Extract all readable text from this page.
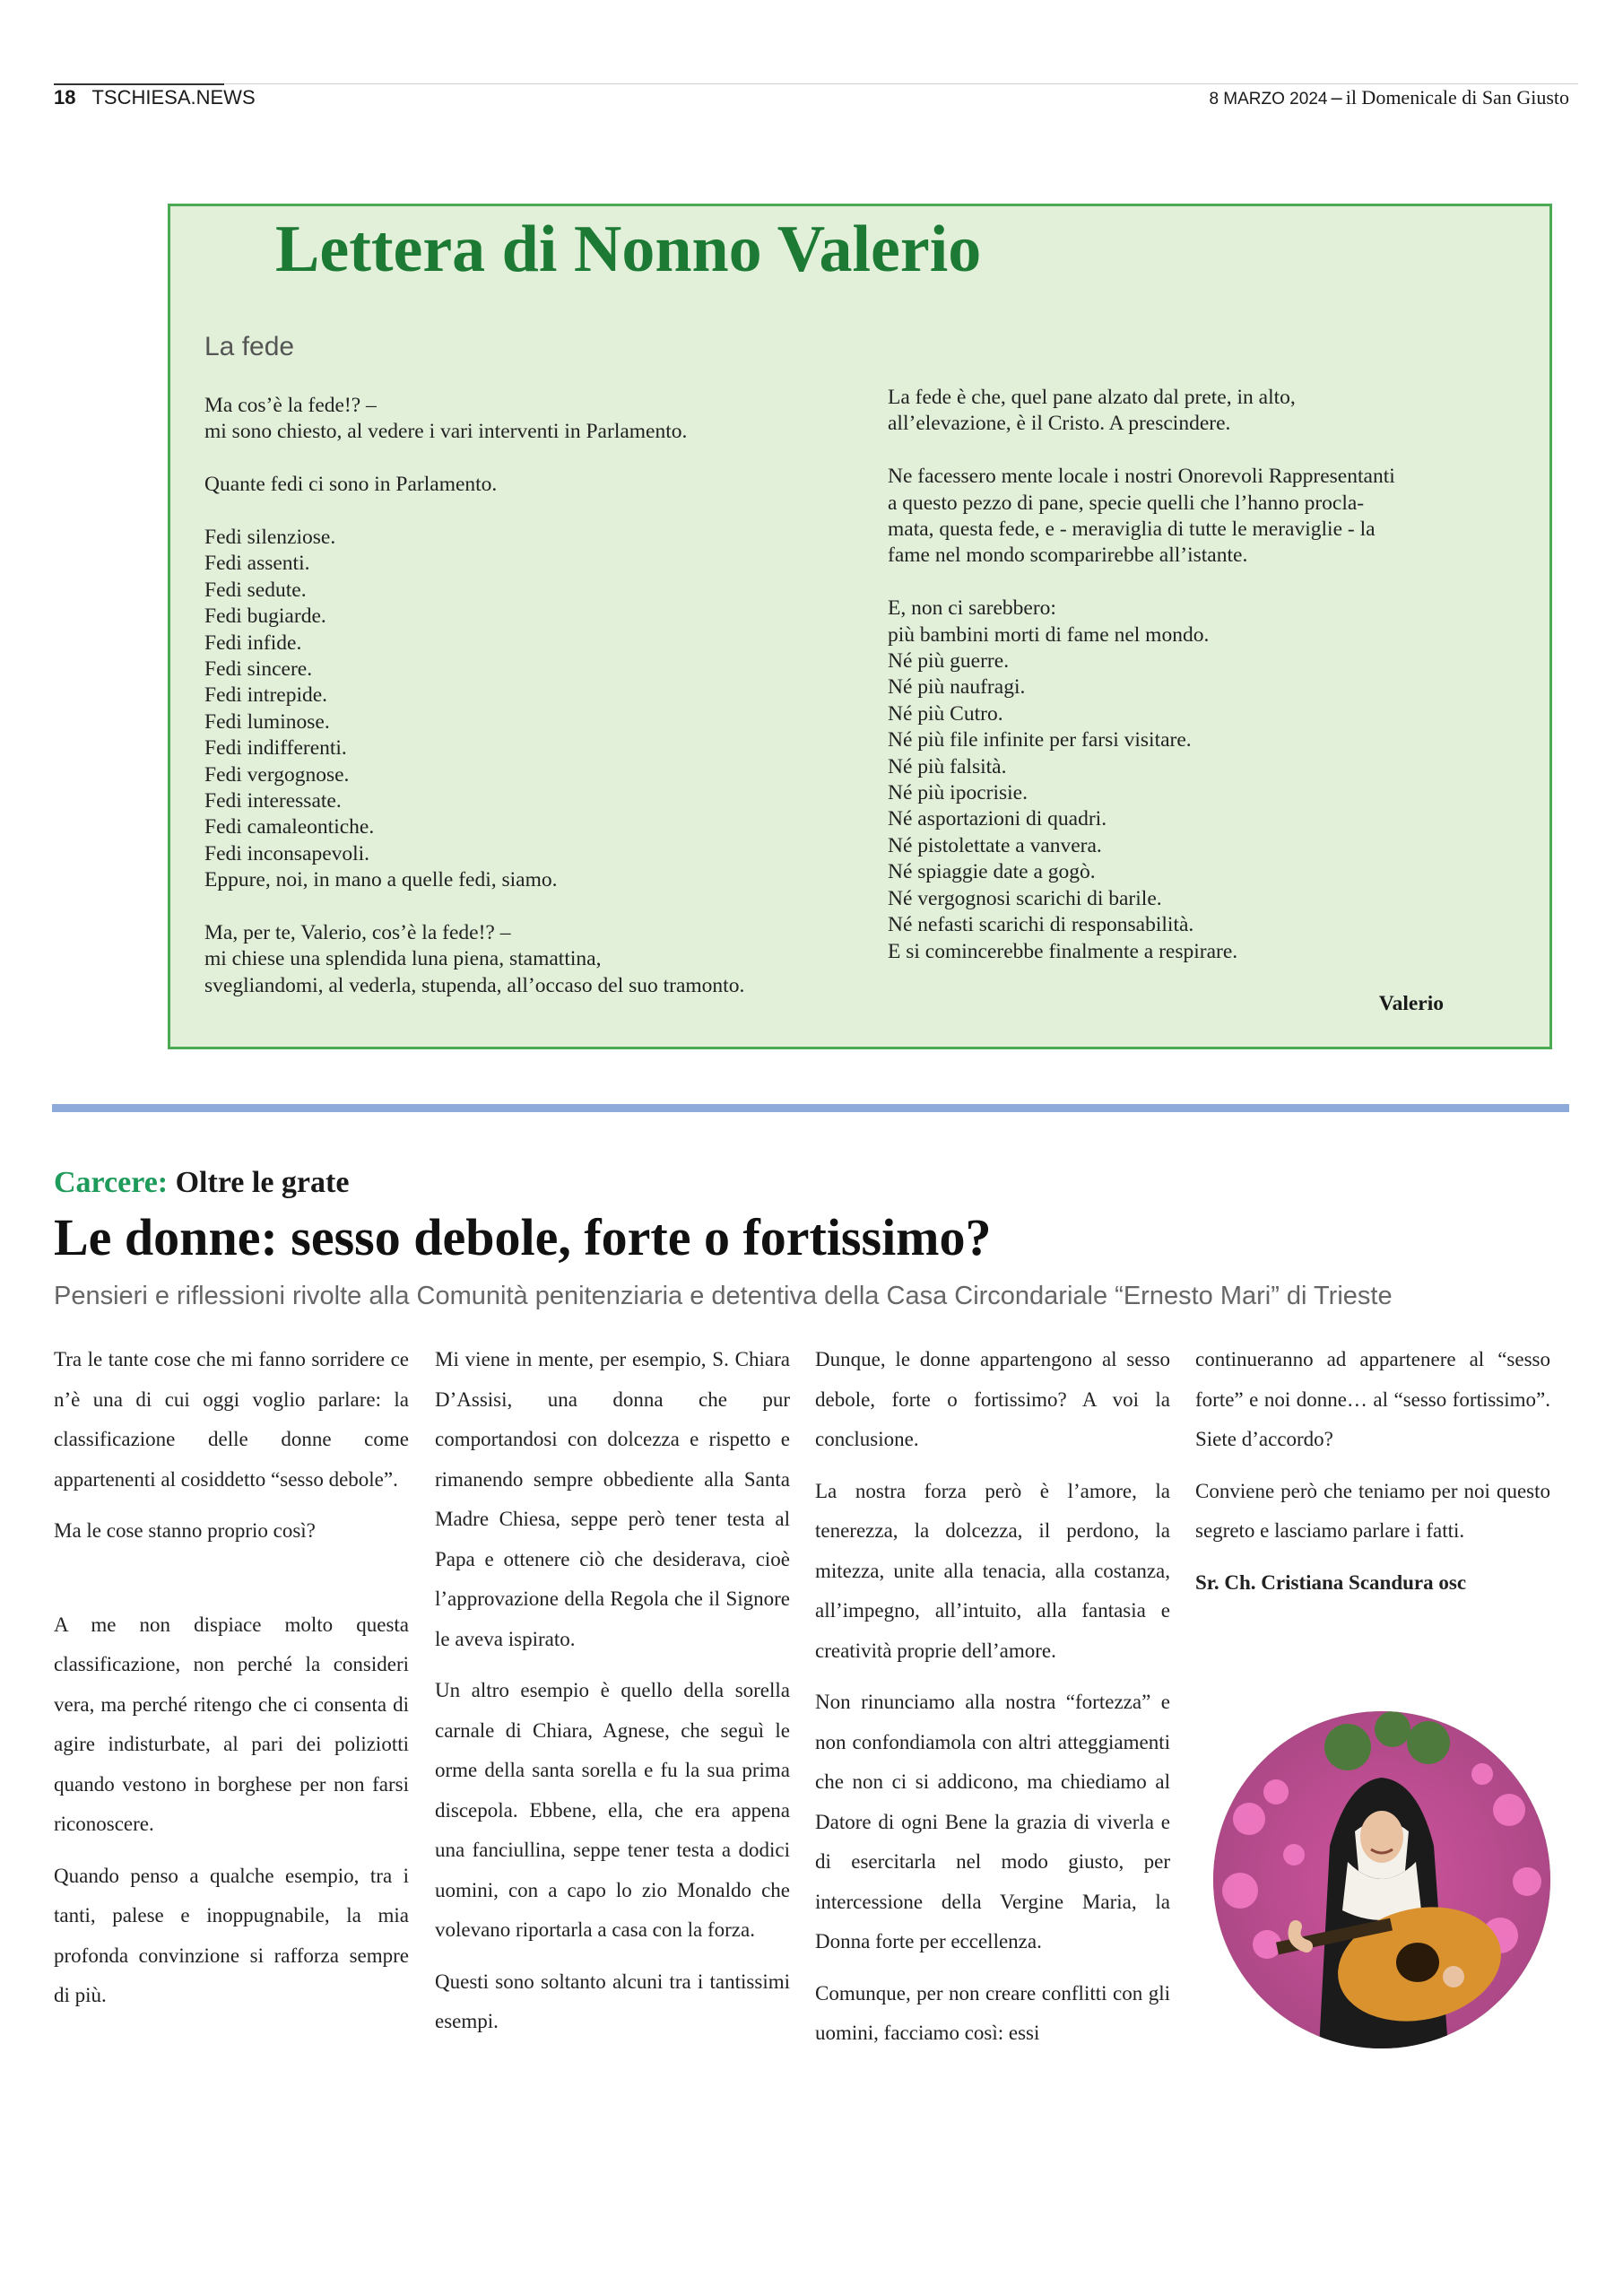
18 TSCHIESA.NEWS	8 MARZO 2024 – il Domenicale di San Giusto
Lettera di Nonno Valerio
La fede

Ma cos’è la fede!? –

mi sono chiesto, al vedere i vari interventi in Parlamento.

Quante fedi ci sono in Parlamento.

Fedi silenziose.

Fedi assenti.

Fedi sedute.

Fedi bugiarde.

Fedi infide.

Fedi sincere.

Fedi intrepide.

Fedi luminose.

Fedi indifferenti.

Fedi vergognose.

Fedi interessate.

Fedi camaleontiche.

Fedi inconsapevoli.

Eppure, noi, in mano a quelle fedi, siamo.

Ma, per te, Valerio, cos’è la fede!? –

mi chiese una splendida luna piena, stamattina,

svegliandomi, al vederla, stupenda, all’occaso del suo tramonto.

La fede è che, quel pane alzato dal prete, in alto,

all’elevazione, è il Cristo. A prescindere.

Ne facessero mente locale i nostri Onorevoli Rappresentanti

a questo pezzo di pane, specie quelli che l’hanno procla-

mata, questa fede, e - meraviglia di tutte le meraviglie - la

fame nel mondo scomparirebbe all’istante.

E, non ci sarebbero:

più bambini morti di fame nel mondo.

Né più guerre.

Né più naufragi.

Né più Cutro.

Né più file infinite per farsi visitare.

Né più falsità.

Né più ipocrisie.

Né asportazioni di quadri.

Né pistolettate a vanvera.

Né spiaggie date a gogò.

Né vergognosi scarichi di barile.

Né nefasti scarichi di responsabilità.

E si comincerebbe finalmente a respirare.

Valerio
Carcere: Oltre le grate
Le donne: sesso debole, forte o fortissimo?
Pensieri e riflessioni rivolte alla Comunità penitenziaria e detentiva della Casa Circondariale “Ernesto Mari” di Trieste

Tra le tante cose che mi fanno sorridere ce n’è una di cui oggi voglio parlare: la classificazione delle donne come appartenenti al cosiddetto “sesso debole”.

Ma le cose stanno proprio così?

A me non dispiace molto questa classificazione, non perché la consideri vera, ma perché ritengo che ci consenta di agire indisturbate, al pari dei poliziotti quando vestono in borghese per non farsi riconoscere.

Quando penso a qualche esempio, tra i tanti, palese e inoppugnabile, la mia profonda convinzione si rafforza sempre di più.

Mi viene in mente, per esempio, S. Chiara D’Assisi, una donna che pur comportandosi con dolcezza e rispetto e rimanendo sempre obbediente alla Santa Madre Chiesa, seppe però tener testa al Papa e ottenere ciò che desiderava, cioè l’approvazione della Regola che il Signore le aveva ispirato.

Un altro esempio è quello della sorella carnale di Chiara, Agnese, che seguì le orme della santa sorella e fu la sua prima discepola. Ebbene, ella, che era appena una fanciullina, seppe tener testa a dodici uomini, con a capo lo zio Monaldo che volevano riportarla a casa con la forza.

Questi sono soltanto alcuni tra i tantissimi esempi.

Dunque, le donne appartengono al sesso debole, forte o fortissimo? A voi la conclusione.

La nostra forza però è l’amore, la tenerezza, la dolcezza, il perdono, la mitezza, unite alla tenacia, alla costanza, all’impegno, all’intuito, alla fantasia e creatività proprie dell’amore.

Non rinunciamo alla nostra “fortezza” e non confondiamola con altri atteggiamenti che non ci si addicono, ma chiediamo al Datore di ogni Bene la grazia di viverla e di esercitarla nel modo giusto, per intercessione della Vergine Maria, la Donna forte per eccellenza.

Comunque, per non creare conflitti con gli uomini, facciamo così: essi

continueranno ad appartenere al “sesso forte” e noi donne… al “sesso fortissimo”. Siete d’accordo?

Conviene però che teniamo per noi questo segreto e lasciamo parlare i fatti.

Sr. Ch. Cristiana Scandura osc
